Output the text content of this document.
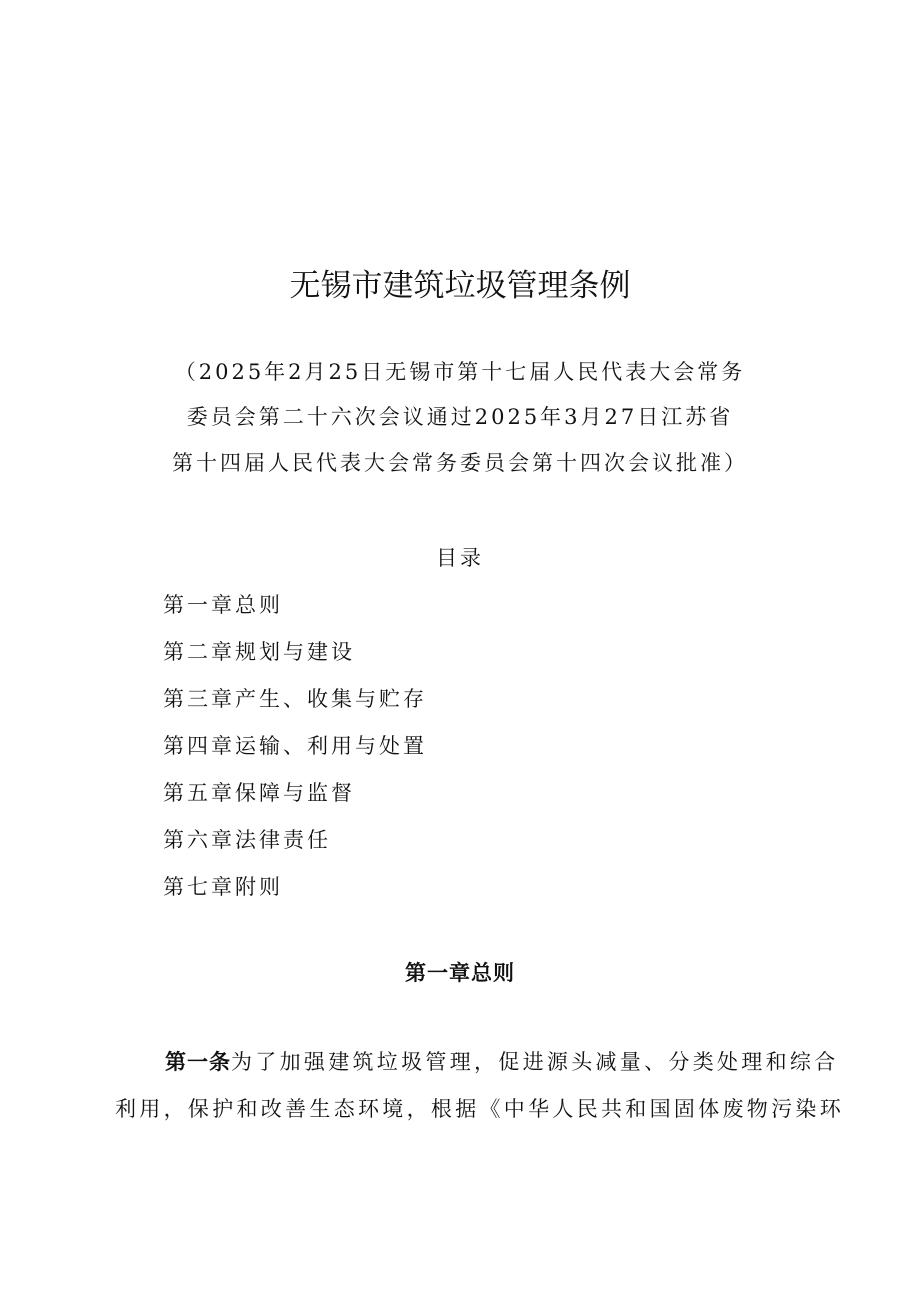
无锡市建筑垃圾管理条例
（2025年2月25日无锡市第十七届人民代表大会常务
委员会第二十六次会议通过2025年3月27日江苏省
第十四届人民代表大会常务委员会第十四次会议批准）
目录
第一章总则
第二章规划与建设
第三章产生、收集与贮存
第四章运输、利用与处置
第五章保障与监督
第六章法律责任
第七章附则
第一章总则
第一条为了加强建筑垃圾管理，促进源头减量、分类处理和综合
利用，保护和改善生态环境，根据《中华人民共和国固体废物污染环
